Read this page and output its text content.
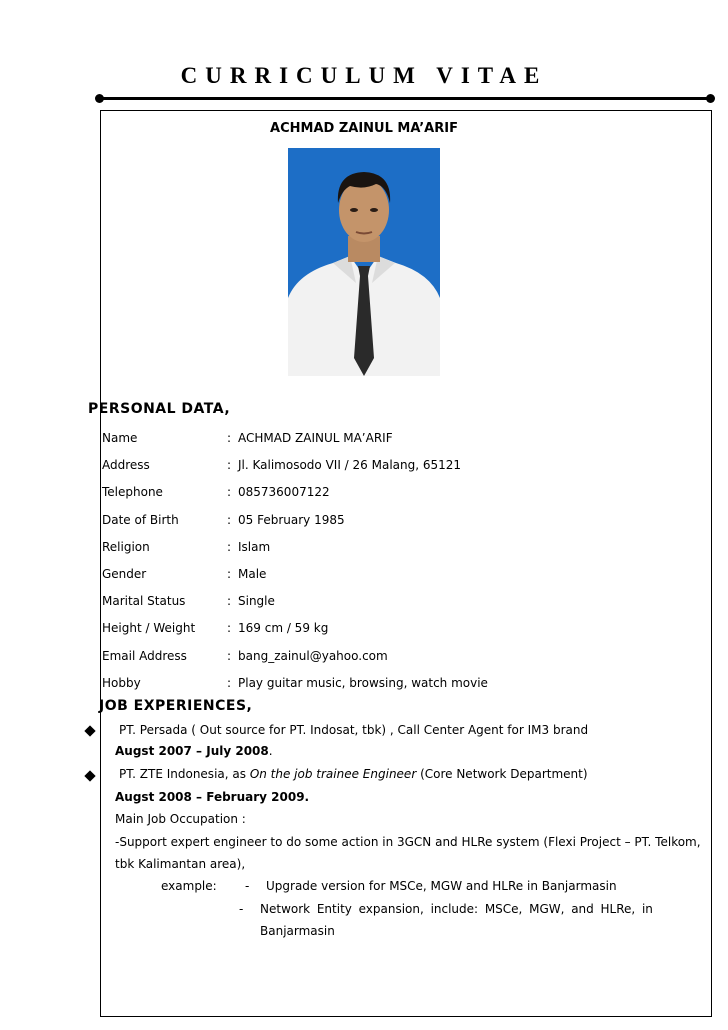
CURRICULUM VITAE
ACHMAD ZAINUL MA’ARIF
PERSONAL DATA,
Name	: ACHMAD ZAINUL MA’ARIF
Address	: Jl. Kalimosodo VII / 26 Malang, 65121
Telephone	: 085736007122
Date of Birth	: 05 February 1985
Religion	: Islam
Gender	: Male
Marital Status	: Single
Height / Weight	: 169 cm / 59 kg
Email Address	: bang_zainul@yahoo.com
Hobby	: Play guitar music, browsing, watch movie
JOB EXPERIENCES,
PT. Persada ( Out source for PT. Indosat, tbk) , Call Center Agent for IM3 brand
Augst 2007 – July 2008.
PT. ZTE Indonesia, as On the job trainee Engineer (Core Network Department)
Augst 2008 – February 2009.
Main Job Occupation :
-Support expert engineer to do some action in 3GCN and HLRe system (Flexi Project – PT. Telkom,
tbk Kalimantan area),
example: - Upgrade version for MSCe, MGW and HLRe in Banjarmasin
- Network Entity expansion, include: MSCe, MGW, and HLRe, in
Banjarmasin
